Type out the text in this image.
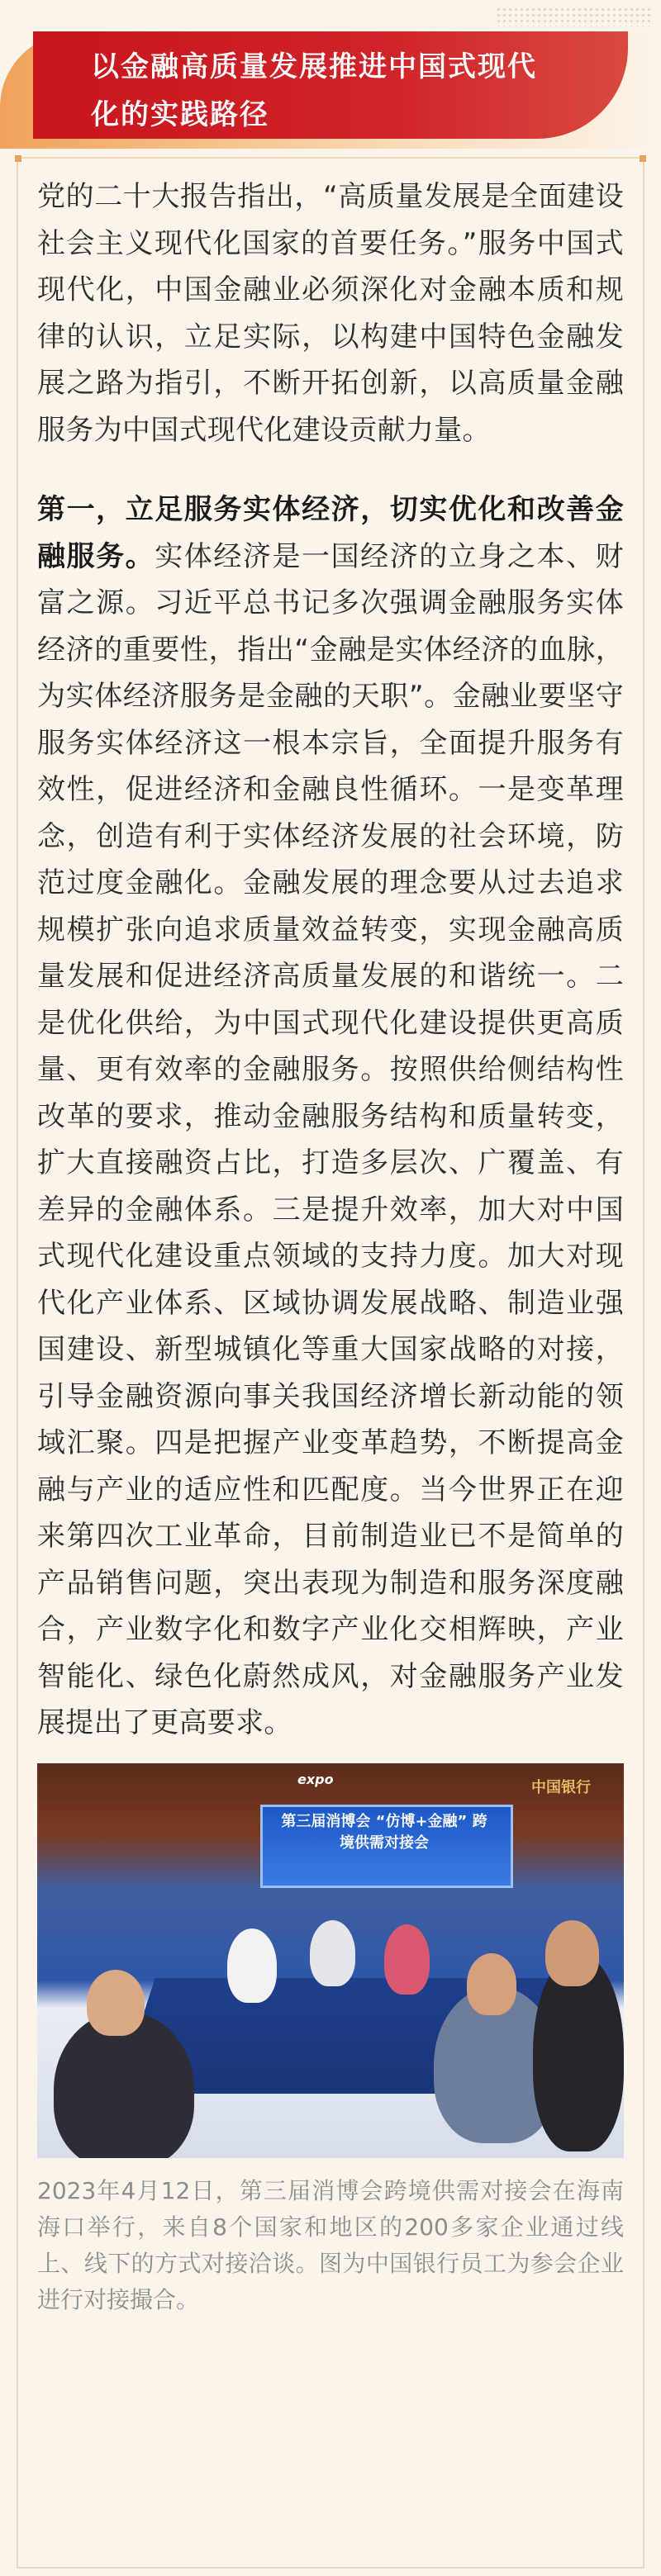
以金融高质量发展推进中国式现代
化的实践路径

党的二十大报告指出，“高质量发展是全面建设社会主义现代化国家的首要任务。”服务中国式现代化，中国金融业必须深化对金融本质和规律的认识，立足实际，以构建中国特色金融发展之路为指引，不断开拓创新，以高质量金融服务为中国式现代化建设贡献力量。

第一，立足服务实体经济，切实优化和改善金融服务。实体经济是一国经济的立身之本、财富之源。习近平总书记多次强调金融服务实体经济的重要性，指出“金融是实体经济的血脉，为实体经济服务是金融的天职”。金融业要坚守服务实体经济这一根本宗旨，全面提升服务有效性，促进经济和金融良性循环。一是变革理念，创造有利于实体经济发展的社会环境，防范过度金融化。金融发展的理念要从过去追求规模扩张向追求质量效益转变，实现金融高质量发展和促进经济高质量发展的和谐统一。二是优化供给，为中国式现代化建设提供更高质量、更有效率的金融服务。按照供给侧结构性改革的要求，推动金融服务结构和质量转变，扩大直接融资占比，打造多层次、广覆盖、有差异的金融体系。三是提升效率，加大对中国式现代化建设重点领域的支持力度。加大对现代化产业体系、区域协调发展战略、制造业强国建设、新型城镇化等重大国家战略的对接，引导金融资源向事关我国经济增长新动能的领域汇聚。四是把握产业变革趋势，不断提高金融与产业的适应性和匹配度。当今世界正在迎来第四次工业革命，目前制造业已不是简单的产品销售问题，突出表现为制造和服务深度融合，产业数字化和数字产业化交相辉映，产业智能化、绿色化蔚然成风，对金融服务产业发展提出了更高要求。

expo	中国银行
第三届消博会 “仿博+金融” 跨境供需对接会

2023年4月12日，第三届消博会跨境供需对接会在海南海口举行，来自8个国家和地区的200多家企业通过线上、线下的方式对接洽谈。图为中国银行员工为参会企业进行对接撮合。
